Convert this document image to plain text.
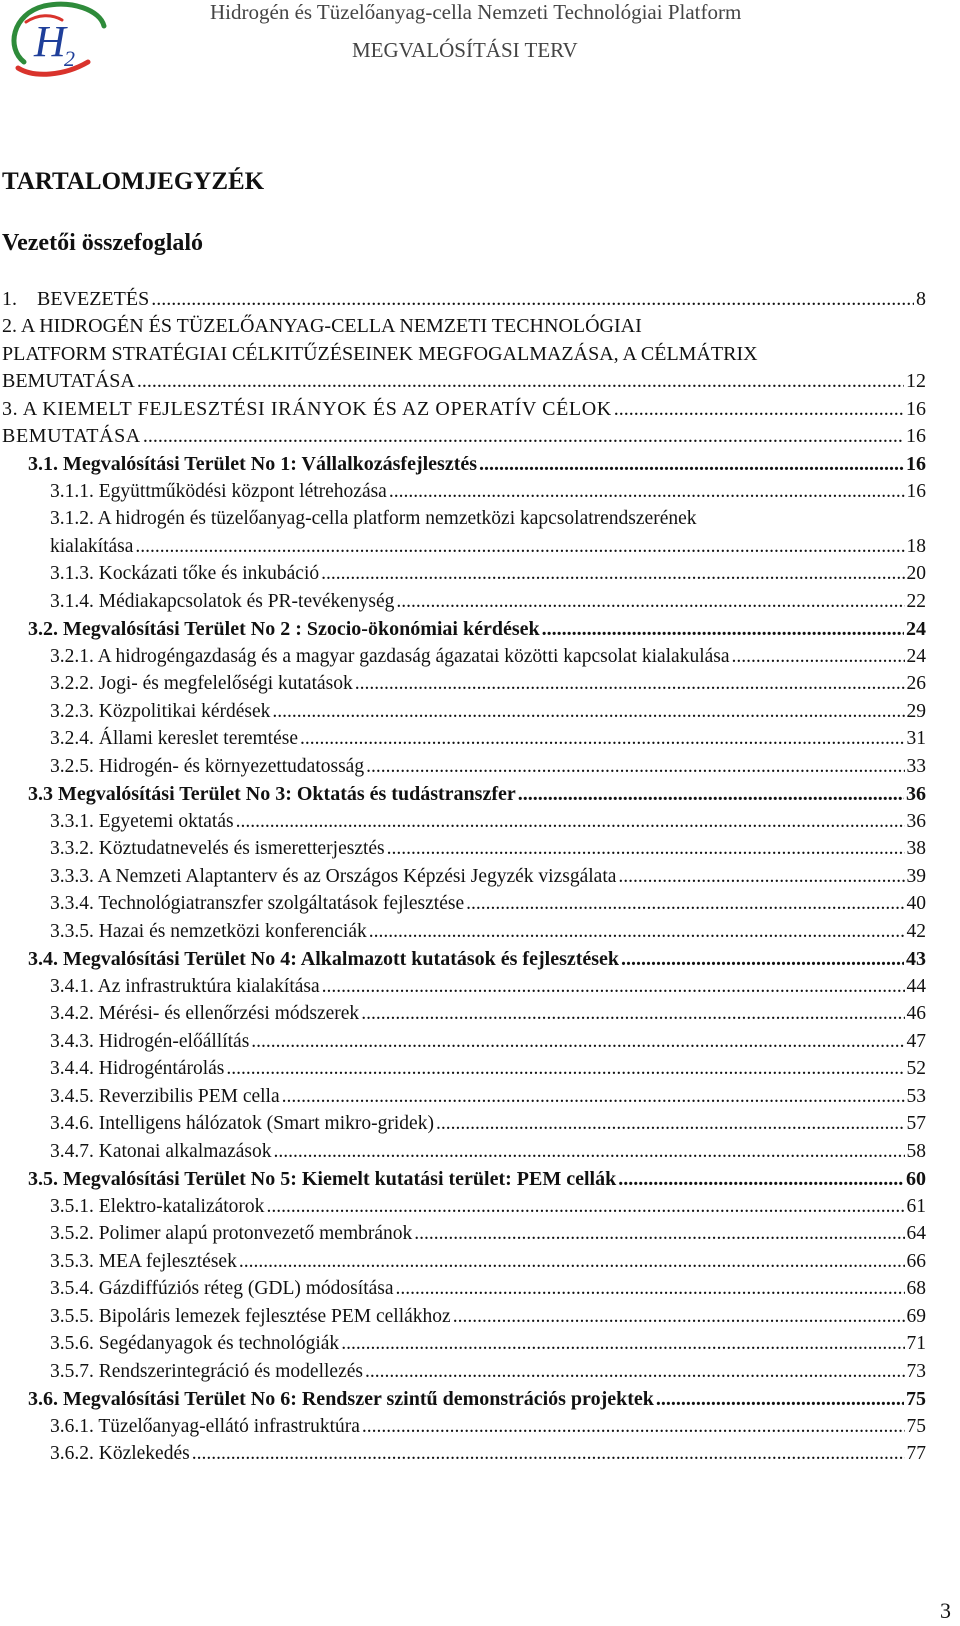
H
2
Hidrogén és Tüzelőanyag-cella Nemzeti Technológiai Platform
MEGVALÓSÍTÁSI TERV
TARTALOMJEGYZÉK
Vezetői összefoglaló
1.    BEVEZETÉS .....	8
2. A HIDROGÉN ÉS TÜZELŐANYAG-CELLA NEMZETI TECHNOLÓGIAI
PLATFORM STRATÉGIAI CÉLKITŰZÉSEINEK MEGFOGALMAZÁSA, A CÉLMÁTRIX
BEMUTATÁSA .....	12
3. A KIEMELT FEJLESZTÉSI IRÁNYOK ÉS AZ OPERATÍV CÉLOK .....	16
BEMUTATÁSA .....	16
3.1. Megvalósítási Terület No 1: Vállalkozásfejlesztés .....	16
3.1.1. Együttműködési központ létrehozása .....	16
3.1.2. A hidrogén és tüzelőanyag-cella platform nemzetközi kapcsolatrendszerének
kialakítása .....	18
3.1.3. Kockázati tőke és inkubáció .....	20
3.1.4. Médiakapcsolatok és PR-tevékenység .....	22
3.2. Megvalósítási Terület No 2 : Szocio-ökonómiai kérdések .....	24
3.2.1. A hidrogéngazdaság és a magyar gazdaság ágazatai közötti kapcsolat kialakulása .....	24
3.2.2. Jogi- és megfelelőségi kutatások .....	26
3.2.3. Közpolitikai kérdések .....	29
3.2.4. Állami kereslet teremtése .....	31
3.2.5. Hidrogén- és környezettudatosság .....	33
3.3 Megvalósítási Terület No 3: Oktatás és tudástranszfer .....	36
3.3.1. Egyetemi oktatás .....	36
3.3.2. Köztudatnevelés és ismeretterjesztés .....	38
3.3.3. A Nemzeti Alaptanterv és az Országos Képzési Jegyzék vizsgálata .....	39
3.3.4. Technológiatranszfer szolgáltatások fejlesztése .....	40
3.3.5. Hazai és nemzetközi konferenciák .....	42
3.4. Megvalósítási Terület No 4: Alkalmazott kutatások és fejlesztések .....	43
3.4.1. Az infrastruktúra kialakítása .....	44
3.4.2. Mérési- és ellenőrzési módszerek .....	46
3.4.3. Hidrogén-előállítás .....	47
3.4.4. Hidrogéntárolás .....	52
3.4.5. Reverzibilis PEM cella .....	53
3.4.6. Intelligens hálózatok (Smart mikro-gridek) .....	57
3.4.7. Katonai alkalmazások .....	58
3.5. Megvalósítási Terület No 5: Kiemelt kutatási terület: PEM cellák .....	60
3.5.1. Elektro-katalizátorok .....	61
3.5.2. Polimer alapú protonvezető membránok .....	64
3.5.3. MEA fejlesztések .....	66
3.5.4. Gázdiffúziós réteg (GDL) módosítása .....	68
3.5.5. Bipoláris lemezek fejlesztése PEM cellákhoz .....	69
3.5.6. Segédanyagok és technológiák .....	71
3.5.7. Rendszerintegráció és modellezés .....	73
3.6. Megvalósítási Terület No 6: Rendszer szintű demonstrációs projektek .....	75
3.6.1. Tüzelőanyag-ellátó infrastruktúra .....	75
3.6.2. Közlekedés .....	77
3
